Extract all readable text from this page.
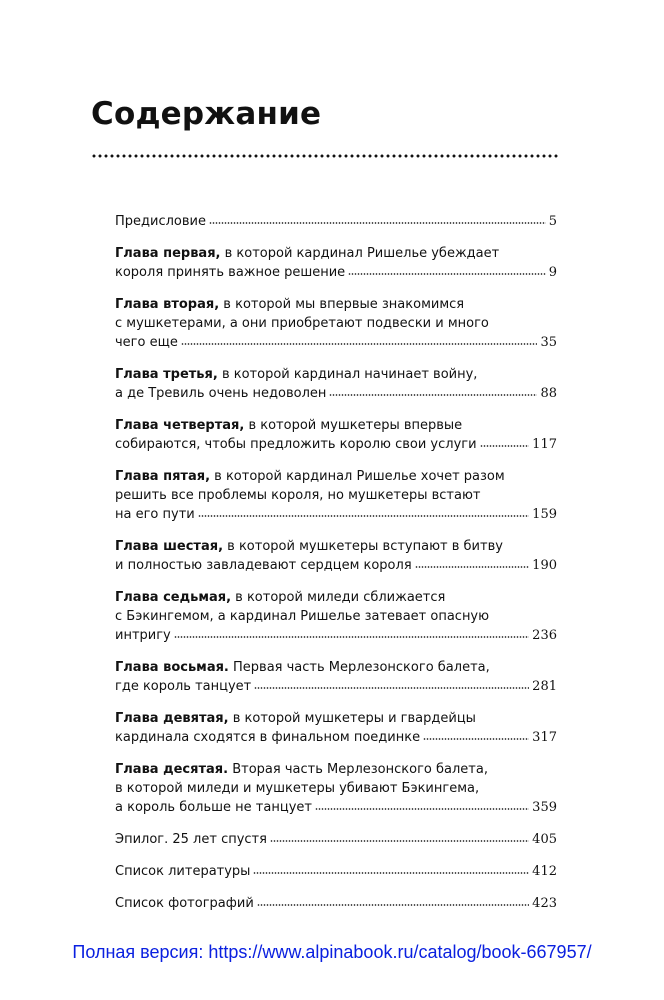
Содержание
Предисловие	5
Глава первая, в которой кардинал Ришелье убеждает
короля принять важное решение	9
Глава вторая, в которой мы впервые знакомимся
с мушкетерами, а они приобретают подвески и много
чего еще	35
Глава третья, в которой кардинал начинает войну,
а де Тревиль очень недоволен	88
Глава четвертая, в которой мушкетеры впервые
собираются, чтобы предложить королю свои услуги	117
Глава пятая, в которой кардинал Ришелье хочет разом
решить все проблемы короля, но мушкетеры встают
на его пути	159
Глава шестая, в которой мушкетеры вступают в битву
и полностью завладевают сердцем короля	190
Глава седьмая, в которой миледи сближается
с Бэкингемом, а кардинал Ришелье затевает опасную
интригу	236
Глава восьмая. Первая часть Мерлезонского балета,
где король танцует	281
Глава девятая, в которой мушкетеры и гвардейцы
кардинала сходятся в финальном поединке	317
Глава десятая. Вторая часть Мерлезонского балета,
в которой миледи и мушкетеры убивают Бэкингема,
а король больше не танцует	359
Эпилог. 25 лет спустя	405
Список литературы	412
Список фотографий	423
Полная версия: https://www.alpinabook.ru/catalog/book-667957/
